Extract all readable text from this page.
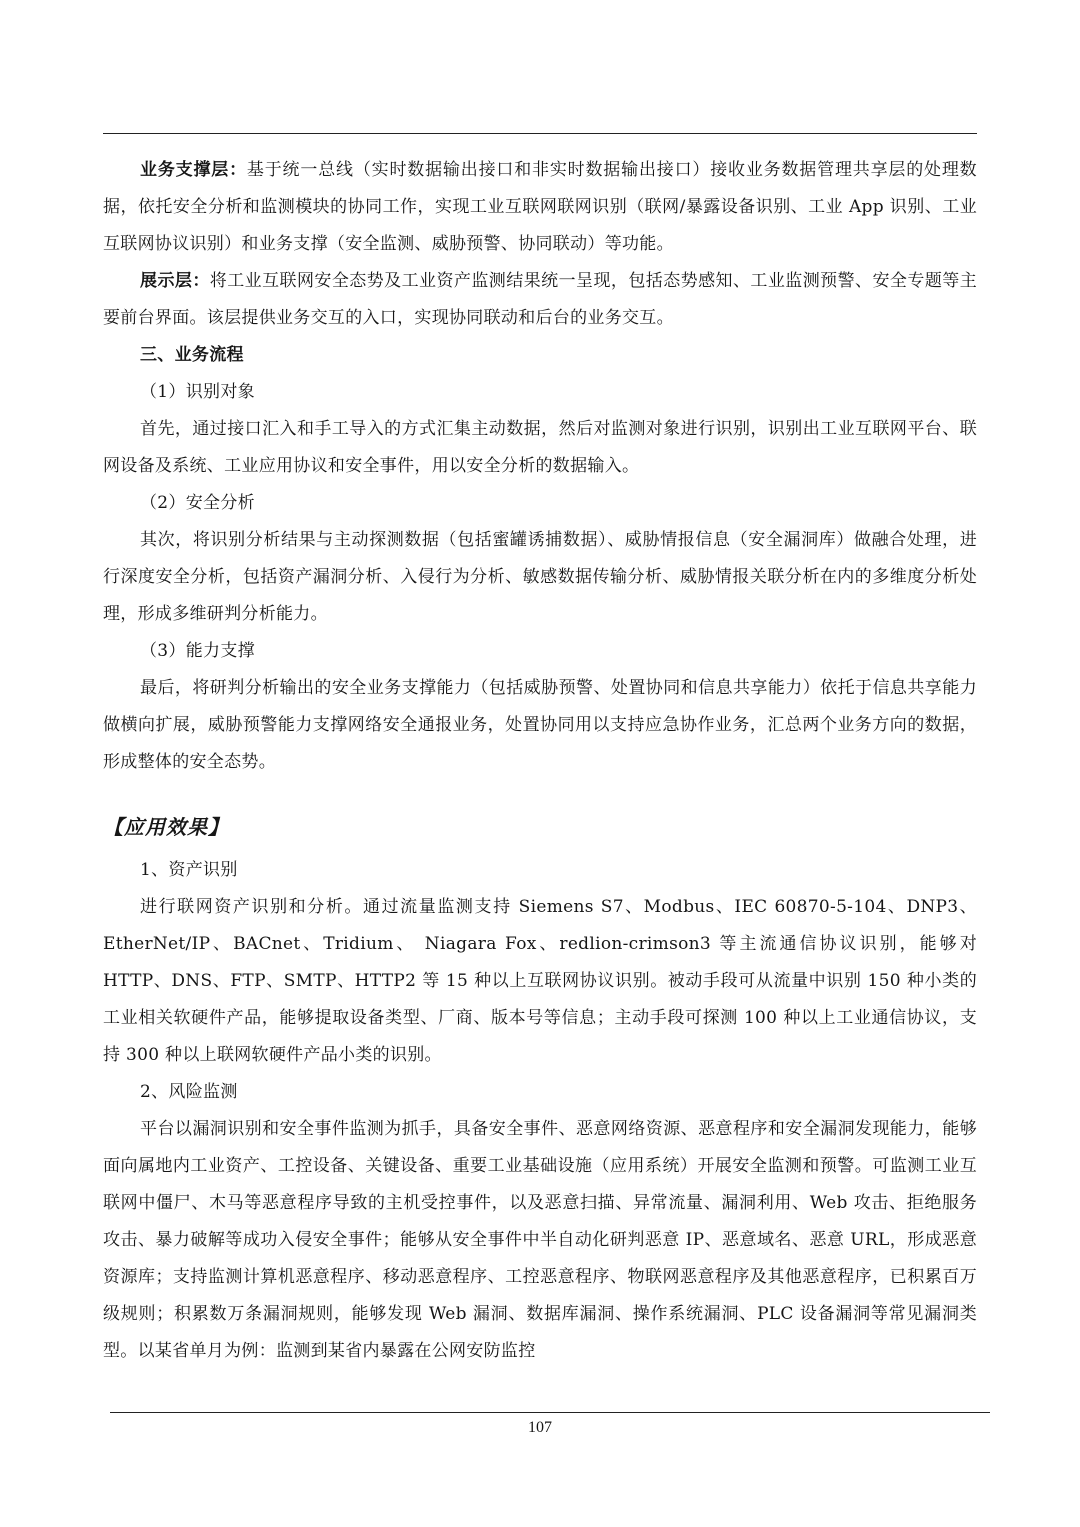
业务支撑层：基于统一总线（实时数据输出接口和非实时数据输出接口）接收业务数据管理共享层的处理数据，依托安全分析和监测模块的协同工作，实现工业互联网联网识别（联网/暴露设备识别、工业 App 识别、工业互联网协议识别）和业务支撑（安全监测、威胁预警、协同联动）等功能。

展示层：将工业互联网安全态势及工业资产监测结果统一呈现，包括态势感知、工业监测预警、安全专题等主要前台界面。该层提供业务交互的入口，实现协同联动和后台的业务交互。

三、业务流程

（1）识别对象

首先，通过接口汇入和手工导入的方式汇集主动数据，然后对监测对象进行识别，识别出工业互联网平台、联网设备及系统、工业应用协议和安全事件，用以安全分析的数据输入。

（2）安全分析

其次，将识别分析结果与主动探测数据（包括蜜罐诱捕数据）、威胁情报信息（安全漏洞库）做融合处理，进行深度安全分析，包括资产漏洞分析、入侵行为分析、敏感数据传输分析、威胁情报关联分析在内的多维度分析处理，形成多维研判分析能力。

（3）能力支撑

最后，将研判分析输出的安全业务支撑能力（包括威胁预警、处置协同和信息共享能力）依托于信息共享能力做横向扩展，威胁预警能力支撑网络安全通报业务，处置协同用以支持应急协作业务，汇总两个业务方向的数据，形成整体的安全态势。

【应用效果】

1、资产识别

进行联网资产识别和分析。通过流量监测支持 Siemens S7、Modbus、IEC 60870-5-104、DNP3、EtherNet/IP、BACnet、Tridium、 Niagara Fox、redlion-crimson3 等主流通信协议识别，能够对 HTTP、DNS、FTP、SMTP、HTTP2 等 15 种以上互联网协议识别。被动手段可从流量中识别 150 种小类的工业相关软硬件产品，能够提取设备类型、厂商、版本号等信息；主动手段可探测 100 种以上工业通信协议，支持 300 种以上联网软硬件产品小类的识别。

2、风险监测

平台以漏洞识别和安全事件监测为抓手，具备安全事件、恶意网络资源、恶意程序和安全漏洞发现能力，能够面向属地内工业资产、工控设备、关键设备、重要工业基础设施（应用系统）开展安全监测和预警。可监测工业互联网中僵尸、木马等恶意程序导致的主机受控事件，以及恶意扫描、异常流量、漏洞利用、Web 攻击、拒绝服务攻击、暴力破解等成功入侵安全事件；能够从安全事件中半自动化研判恶意 IP、恶意域名、恶意 URL，形成恶意资源库；支持监测计算机恶意程序、移动恶意程序、工控恶意程序、物联网恶意程序及其他恶意程序，已积累百万级规则；积累数万条漏洞规则，能够发现 Web 漏洞、数据库漏洞、操作系统漏洞、PLC 设备漏洞等常见漏洞类型。以某省单月为例：监测到某省内暴露在公网安防监控

107
